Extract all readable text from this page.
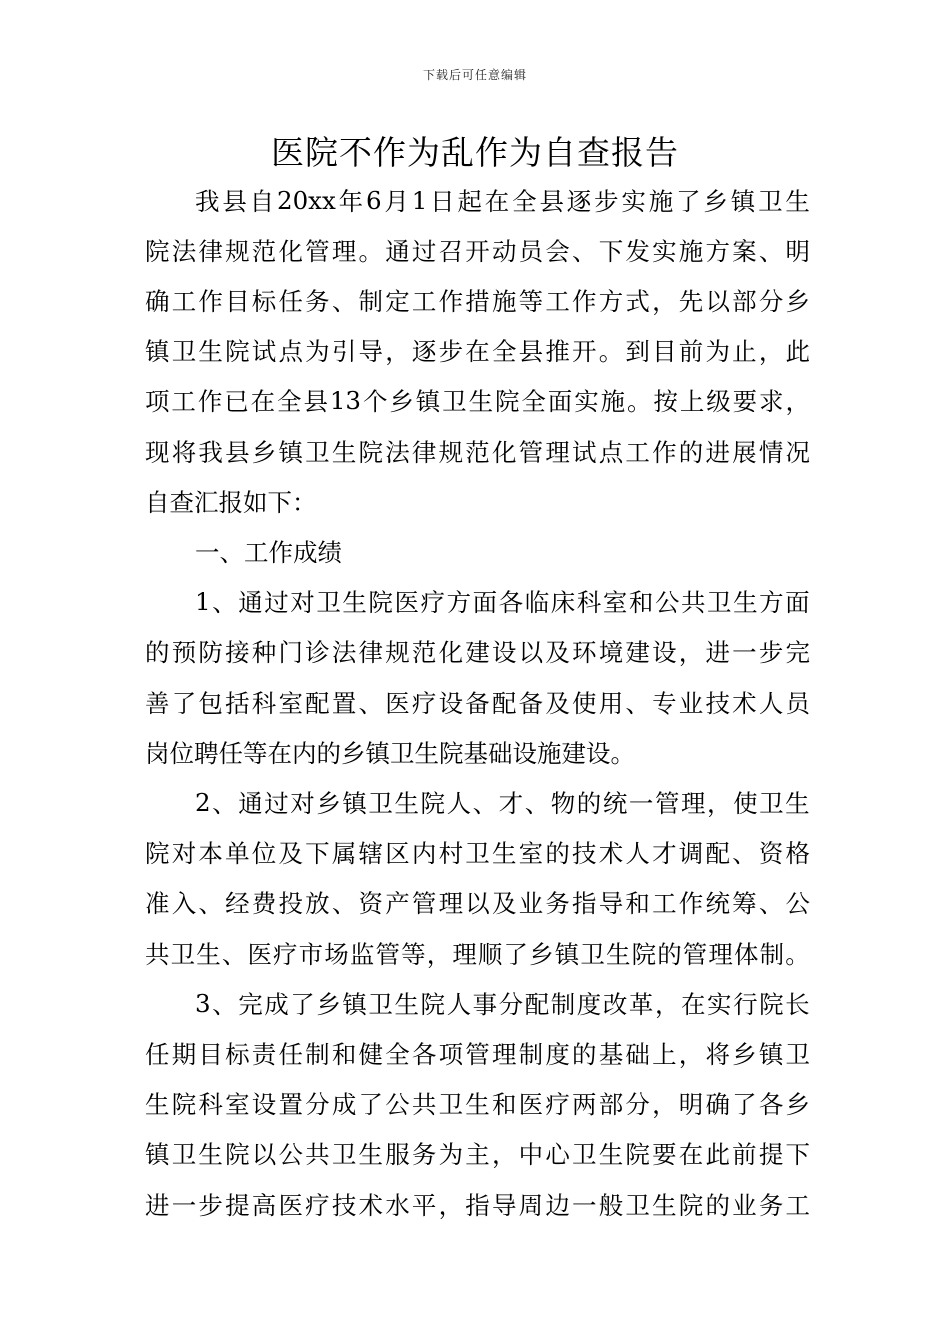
下载后可任意编辑
医院不作为乱作为自查报告
我 县 自 20xx 年 6 月 1 日 起 在 全 县 逐 步 实 施 了 乡 镇 卫 生
院 法 律 规 范 化 管 理 。 通 过 召 开 动 员 会 、 下 发 实 施 方 案 、 明
确 工 作 目 标 任 务 、 制 定 工 作 措 施 等 工 作 方 式 ， 先 以 部 分 乡
镇 卫 生 院 试 点 为 引 导 ， 逐 步 在 全 县 推 开 。 到 目 前 为 止 ， 此
项 工 作 已 在 全 县 13 个 乡 镇 卫 生 院 全 面 实 施 。 按 上 级 要 求 ，
现 将 我 县 乡 镇 卫 生 院 法 律 规 范 化 管 理 试 点 工 作 的 进 展 情 况
自 查 汇 报 如 下 ：
一 、 工 作 成 绩
1 、 通 过 对 卫 生 院 医 疗 方 面 各 临 床 科 室 和 公 共 卫 生 方 面
的 预 防 接 种 门 诊 法 律 规 范 化 建 设 以 及 环 境 建 设 ， 进 一 步 完
善 了 包 括 科 室 配 置 、 医 疗 设 备 配 备 及 使 用 、 专 业 技 术 人 员
岗 位 聘 任 等 在 内 的 乡 镇 卫 生 院 基 础 设 施 建 设 。
2 、 通 过 对 乡 镇 卫 生 院 人 、 才 、 物 的 统 一 管 理 ， 使 卫 生
院 对 本 单 位 及 下 属 辖 区 内 村 卫 生 室 的 技 术 人 才 调 配 、 资 格
准 入 、 经 费 投 放 、 资 产 管 理 以 及 业 务 指 导 和 工 作 统 筹 、 公
共 卫 生 、 医 疗 市 场 监 管 等 ， 理 顺 了 乡 镇 卫 生 院 的 管 理 体 制 。
3 、 完 成 了 乡 镇 卫 生 院 人 事 分 配 制 度 改 革 ， 在 实 行 院 长
任 期 目 标 责 任 制 和 健 全 各 项 管 理 制 度 的 基 础 上 ， 将 乡 镇 卫
生 院 科 室 设 置 分 成 了 公 共 卫 生 和 医 疗 两 部 分 ， 明 确 了 各 乡
镇 卫 生 院 以 公 共 卫 生 服 务 为 主 ， 中 心 卫 生 院 要 在 此 前 提 下
进 一 步 提 高 医 疗 技 术 水 平 ， 指 导 周 边 一 般 卫 生 院 的 业 务 工
